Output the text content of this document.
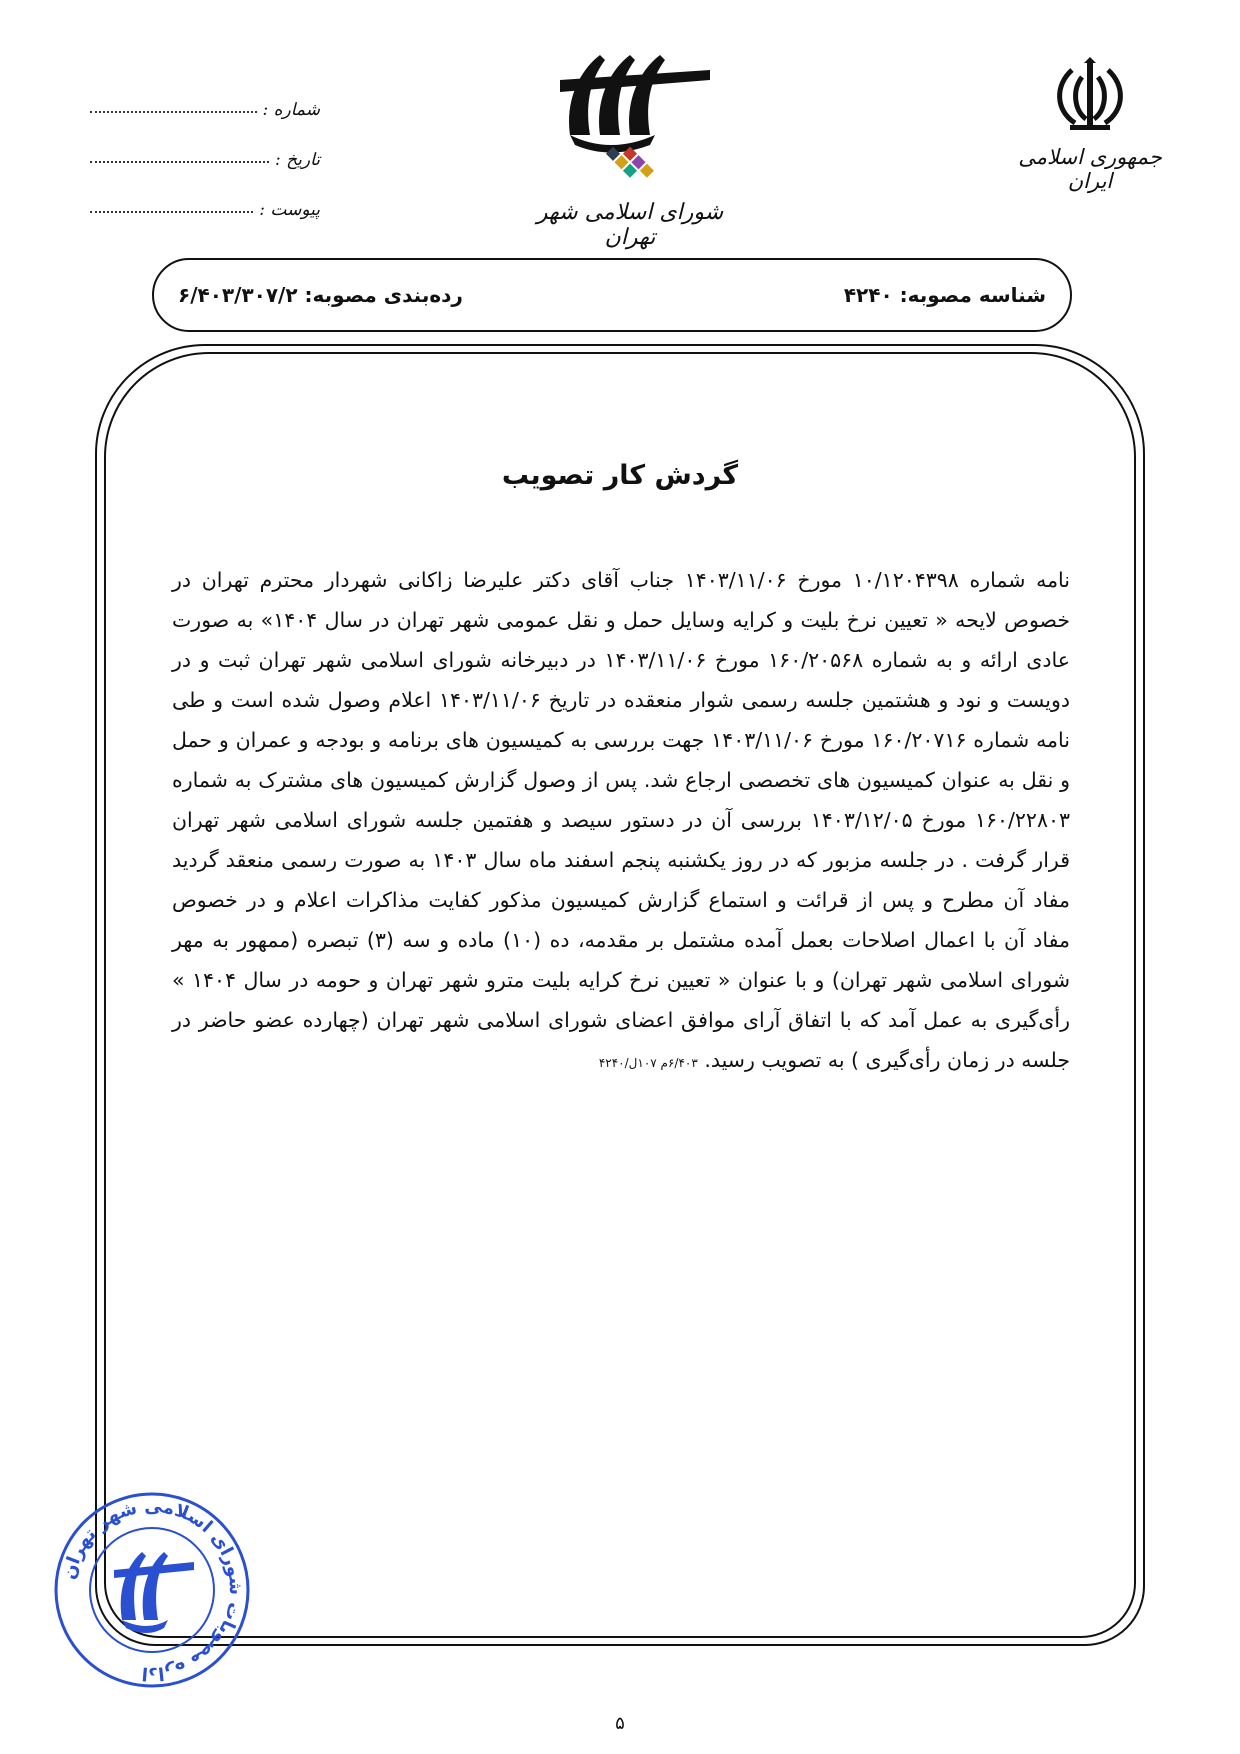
شماره :
تاریخ :
پیوست :	شورای اسلامی شهر تهران
جمهوری اسلامی ایران
شناسه مصوبه: ۴۲۴۰
رده‌بندی مصوبه: ۶/۴۰۳/۳۰۷/۲
گردش کار تصویب
نامه شماره ۱۰/۱۲۰۴۳۹۸ مورخ ۱۴۰۳/۱۱/۰۶ جناب آقای دکتر علیرضا زاکانی شهردار محترم تهران در خصوص لایحه « تعیین نرخ بلیت و کرایه وسایل حمل و نقل عمومی شهر تهران در سال ۱۴۰۴» به صورت عادی ارائه و به شماره ۱۶۰/۲۰۵۶۸ مورخ ۱۴۰۳/۱۱/۰۶ در دبیرخانه شورای اسلامی شهر تهران ثبت و در دویست و نود و هشتمین جلسه رسمی شوار منعقده در تاریخ ۱۴۰۳/۱۱/۰۶ اعلام وصول شده است و طی نامه شماره ۱۶۰/۲۰۷۱۶ مورخ ۱۴۰۳/۱۱/۰۶ جهت بررسی به کمیسیون های برنامه و بودجه و عمران و حمل و نقل به عنوان کمیسیون های تخصصی ارجاع شد. پس از وصول گزارش کمیسیون های مشترک به شماره ۱۶۰/۲۲۸۰۳ مورخ ۱۴۰۳/۱۲/۰۵ بررسی آن در دستور سیصد و هفتمین جلسه شورای اسلامی شهر تهران قرار گرفت . در جلسه مزبور که در روز یکشنبه پنجم اسفند ماه سال ۱۴۰۳ به صورت رسمی منعقد گردید مفاد آن مطرح و پس از قرائت و استماع گزارش کمیسیون مذکور کفایت مذاکرات اعلام و در خصوص مفاد آن با اعمال اصلاحات بعمل آمده مشتمل بر مقدمه، ده (۱۰) ماده و سه (۳) تبصره (ممهور به مهر شورای اسلامی شهر تهران) و با عنوان « تعیین نرخ کرایه بلیت مترو شهر تهران و حومه در سال ۱۴۰۴ » رأی‌گیری به عمل آمد که با اتفاق آرای موافق اعضای شورای اسلامی شهر تهران (چهارده عضو حاضر در جلسه در زمان رأی‌گیری ) به تصویب رسید. ۶/۴۰۳م ۱۰۷ل/۴۲۴۰
اداره مصوبات شورای اسلامی شهر تهران
۵
